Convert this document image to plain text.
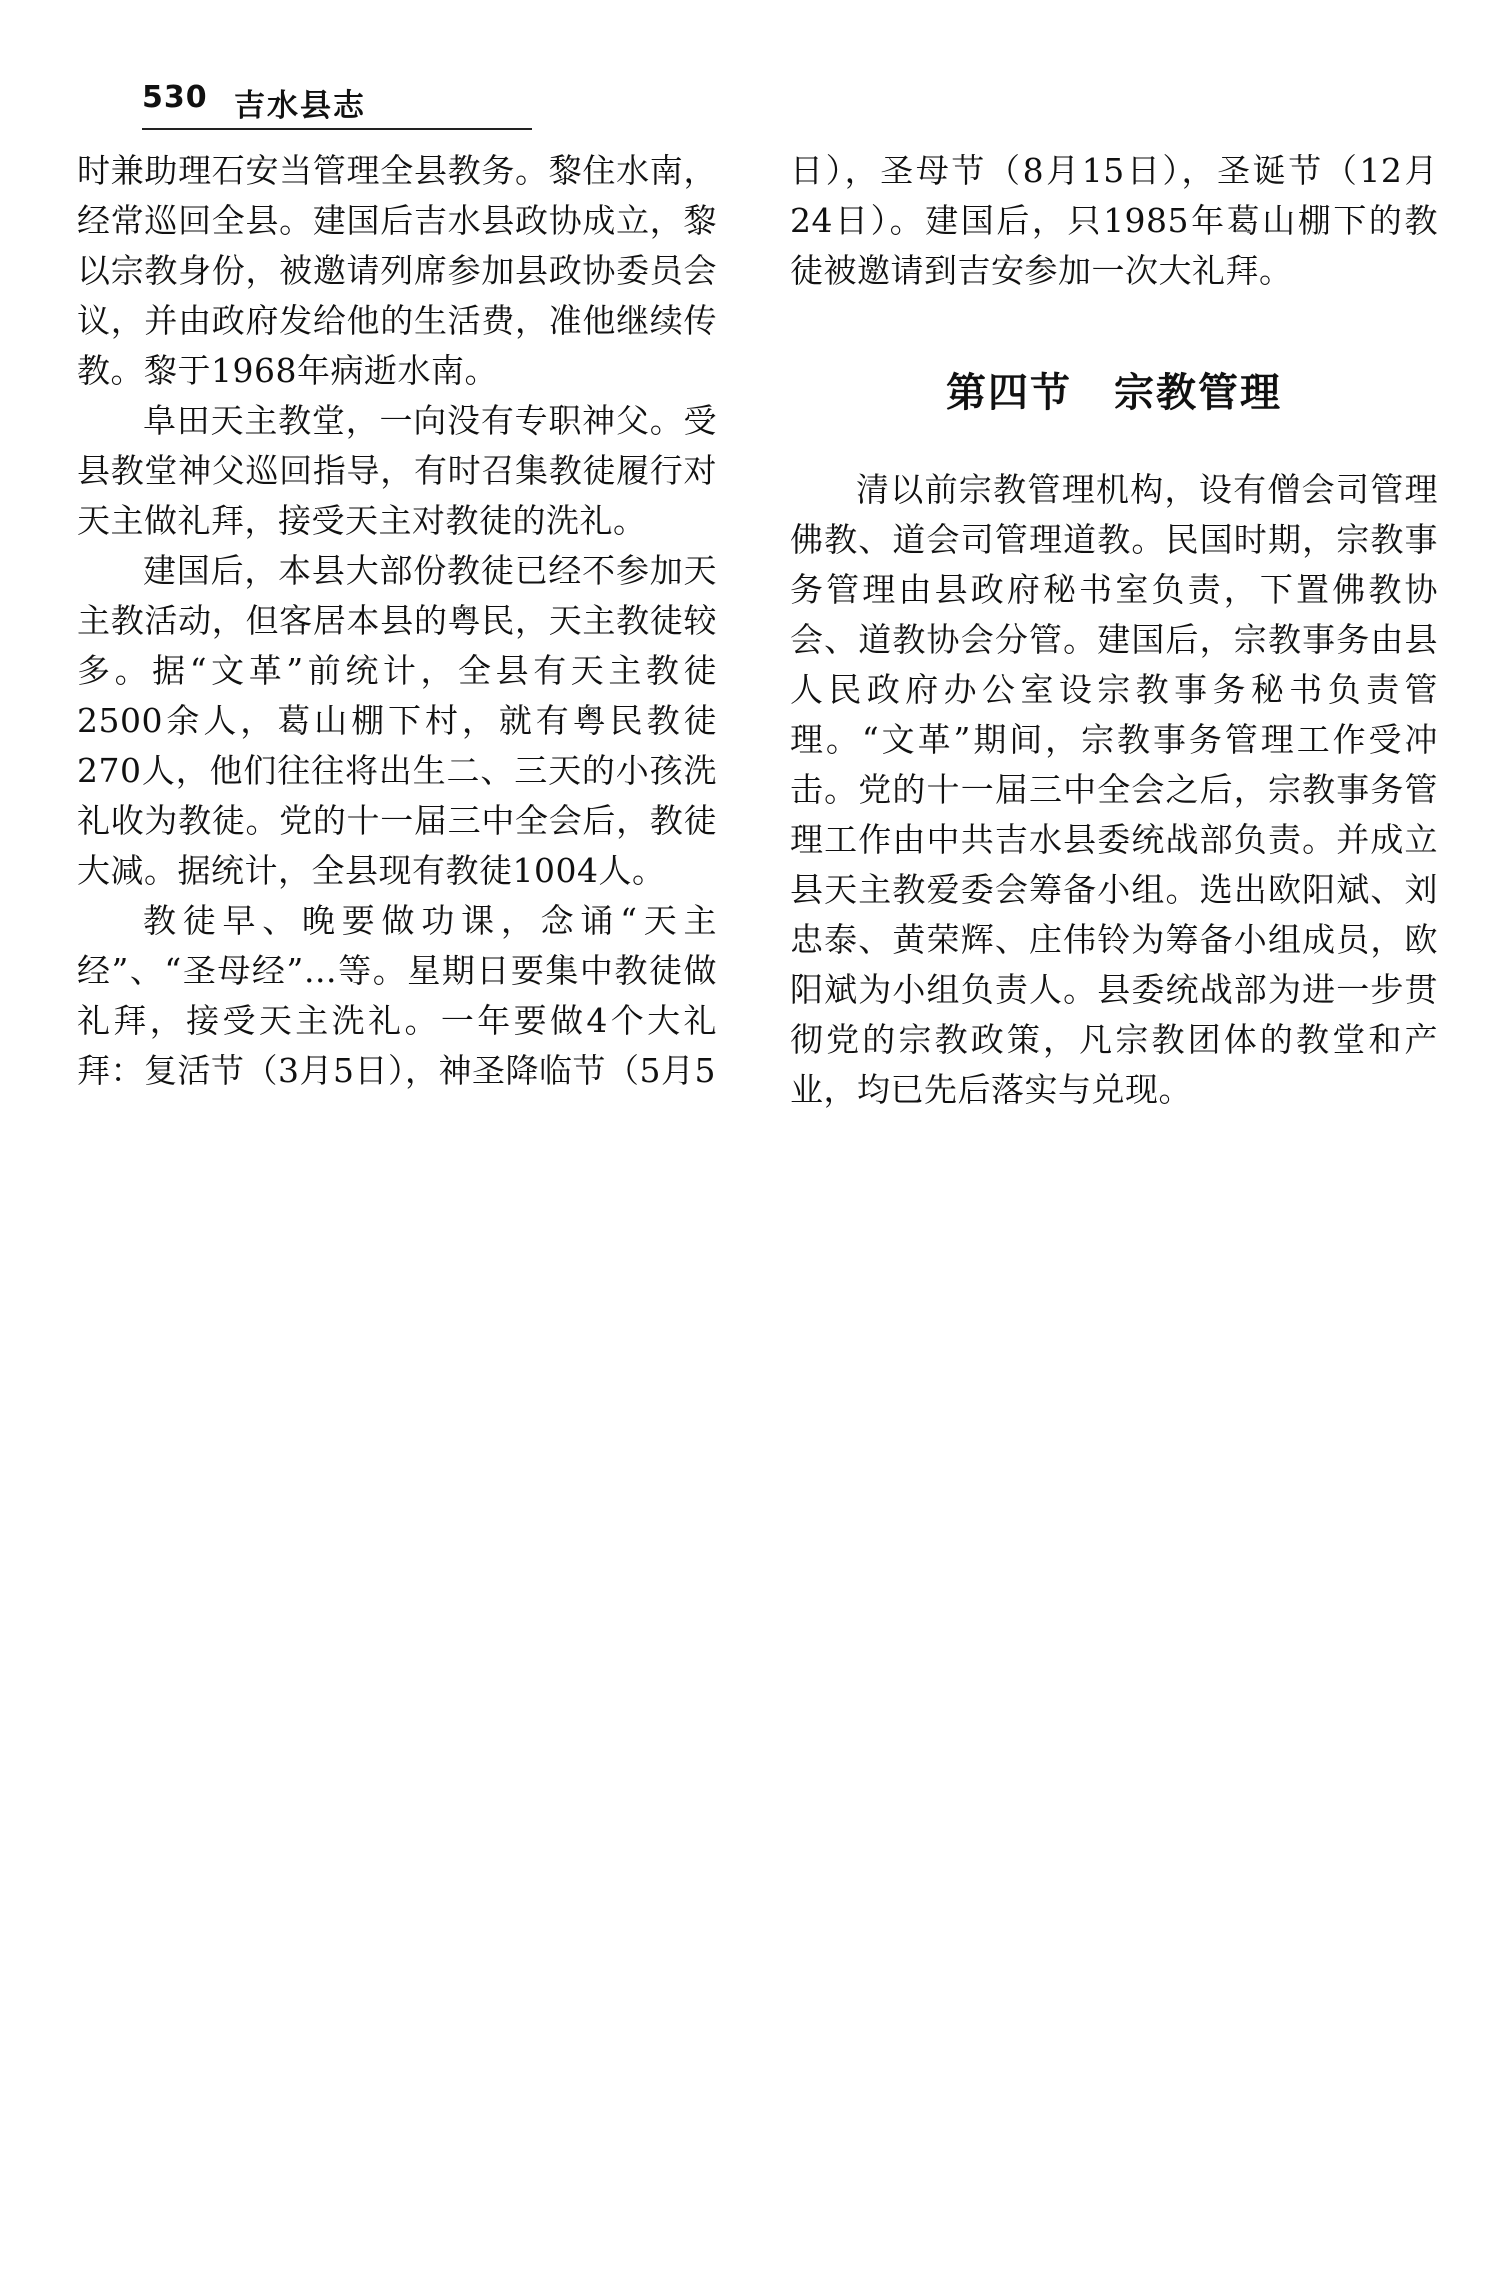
530 吉水县志

时兼助理石安当管理全县教务。黎住水南，经常巡回全县。建国后吉水县政协成立，黎以宗教身份，被邀请列席参加县政协委员会议，并由政府发给他的生活费，准他继续传教。黎于1968年病逝水南。

阜田天主教堂，一向没有专职神父。受县教堂神父巡回指导，有时召集教徒履行对天主做礼拜，接受天主对教徒的洗礼。

建国后，本县大部份教徒已经不参加天主教活动，但客居本县的粤民，天主教徒较多。据“文革”前统计，全县有天主教徒2500余人，葛山棚下村，就有粤民教徒270人，他们往往将出生二、三天的小孩洗礼收为教徒。党的十一届三中全会后，教徒大减。据统计，全县现有教徒1004人。

教徒早、晚要做功课，念诵“天主经”、“圣母经”…等。星期日要集中教徒做礼拜，接受天主洗礼。一年要做4个大礼拜：复活节（3月5日），神圣降临节（5月5

日），圣母节（8月15日），圣诞节（12月24日）。建国后，只1985年葛山棚下的教徒被邀请到吉安参加一次大礼拜。

第四节　宗教管理

清以前宗教管理机构，设有僧会司管理佛教、道会司管理道教。民国时期，宗教事务管理由县政府秘书室负责，下置佛教协会、道教协会分管。建国后，宗教事务由县人民政府办公室设宗教事务秘书负责管理。“文革”期间，宗教事务管理工作受冲击。党的十一届三中全会之后，宗教事务管理工作由中共吉水县委统战部负责。并成立县天主教爱委会筹备小组。选出欧阳斌、刘忠泰、黄荣辉、庄伟铃为筹备小组成员，欧阳斌为小组负责人。县委统战部为进一步贯彻党的宗教政策，凡宗教团体的教堂和产业，均已先后落实与兑现。
